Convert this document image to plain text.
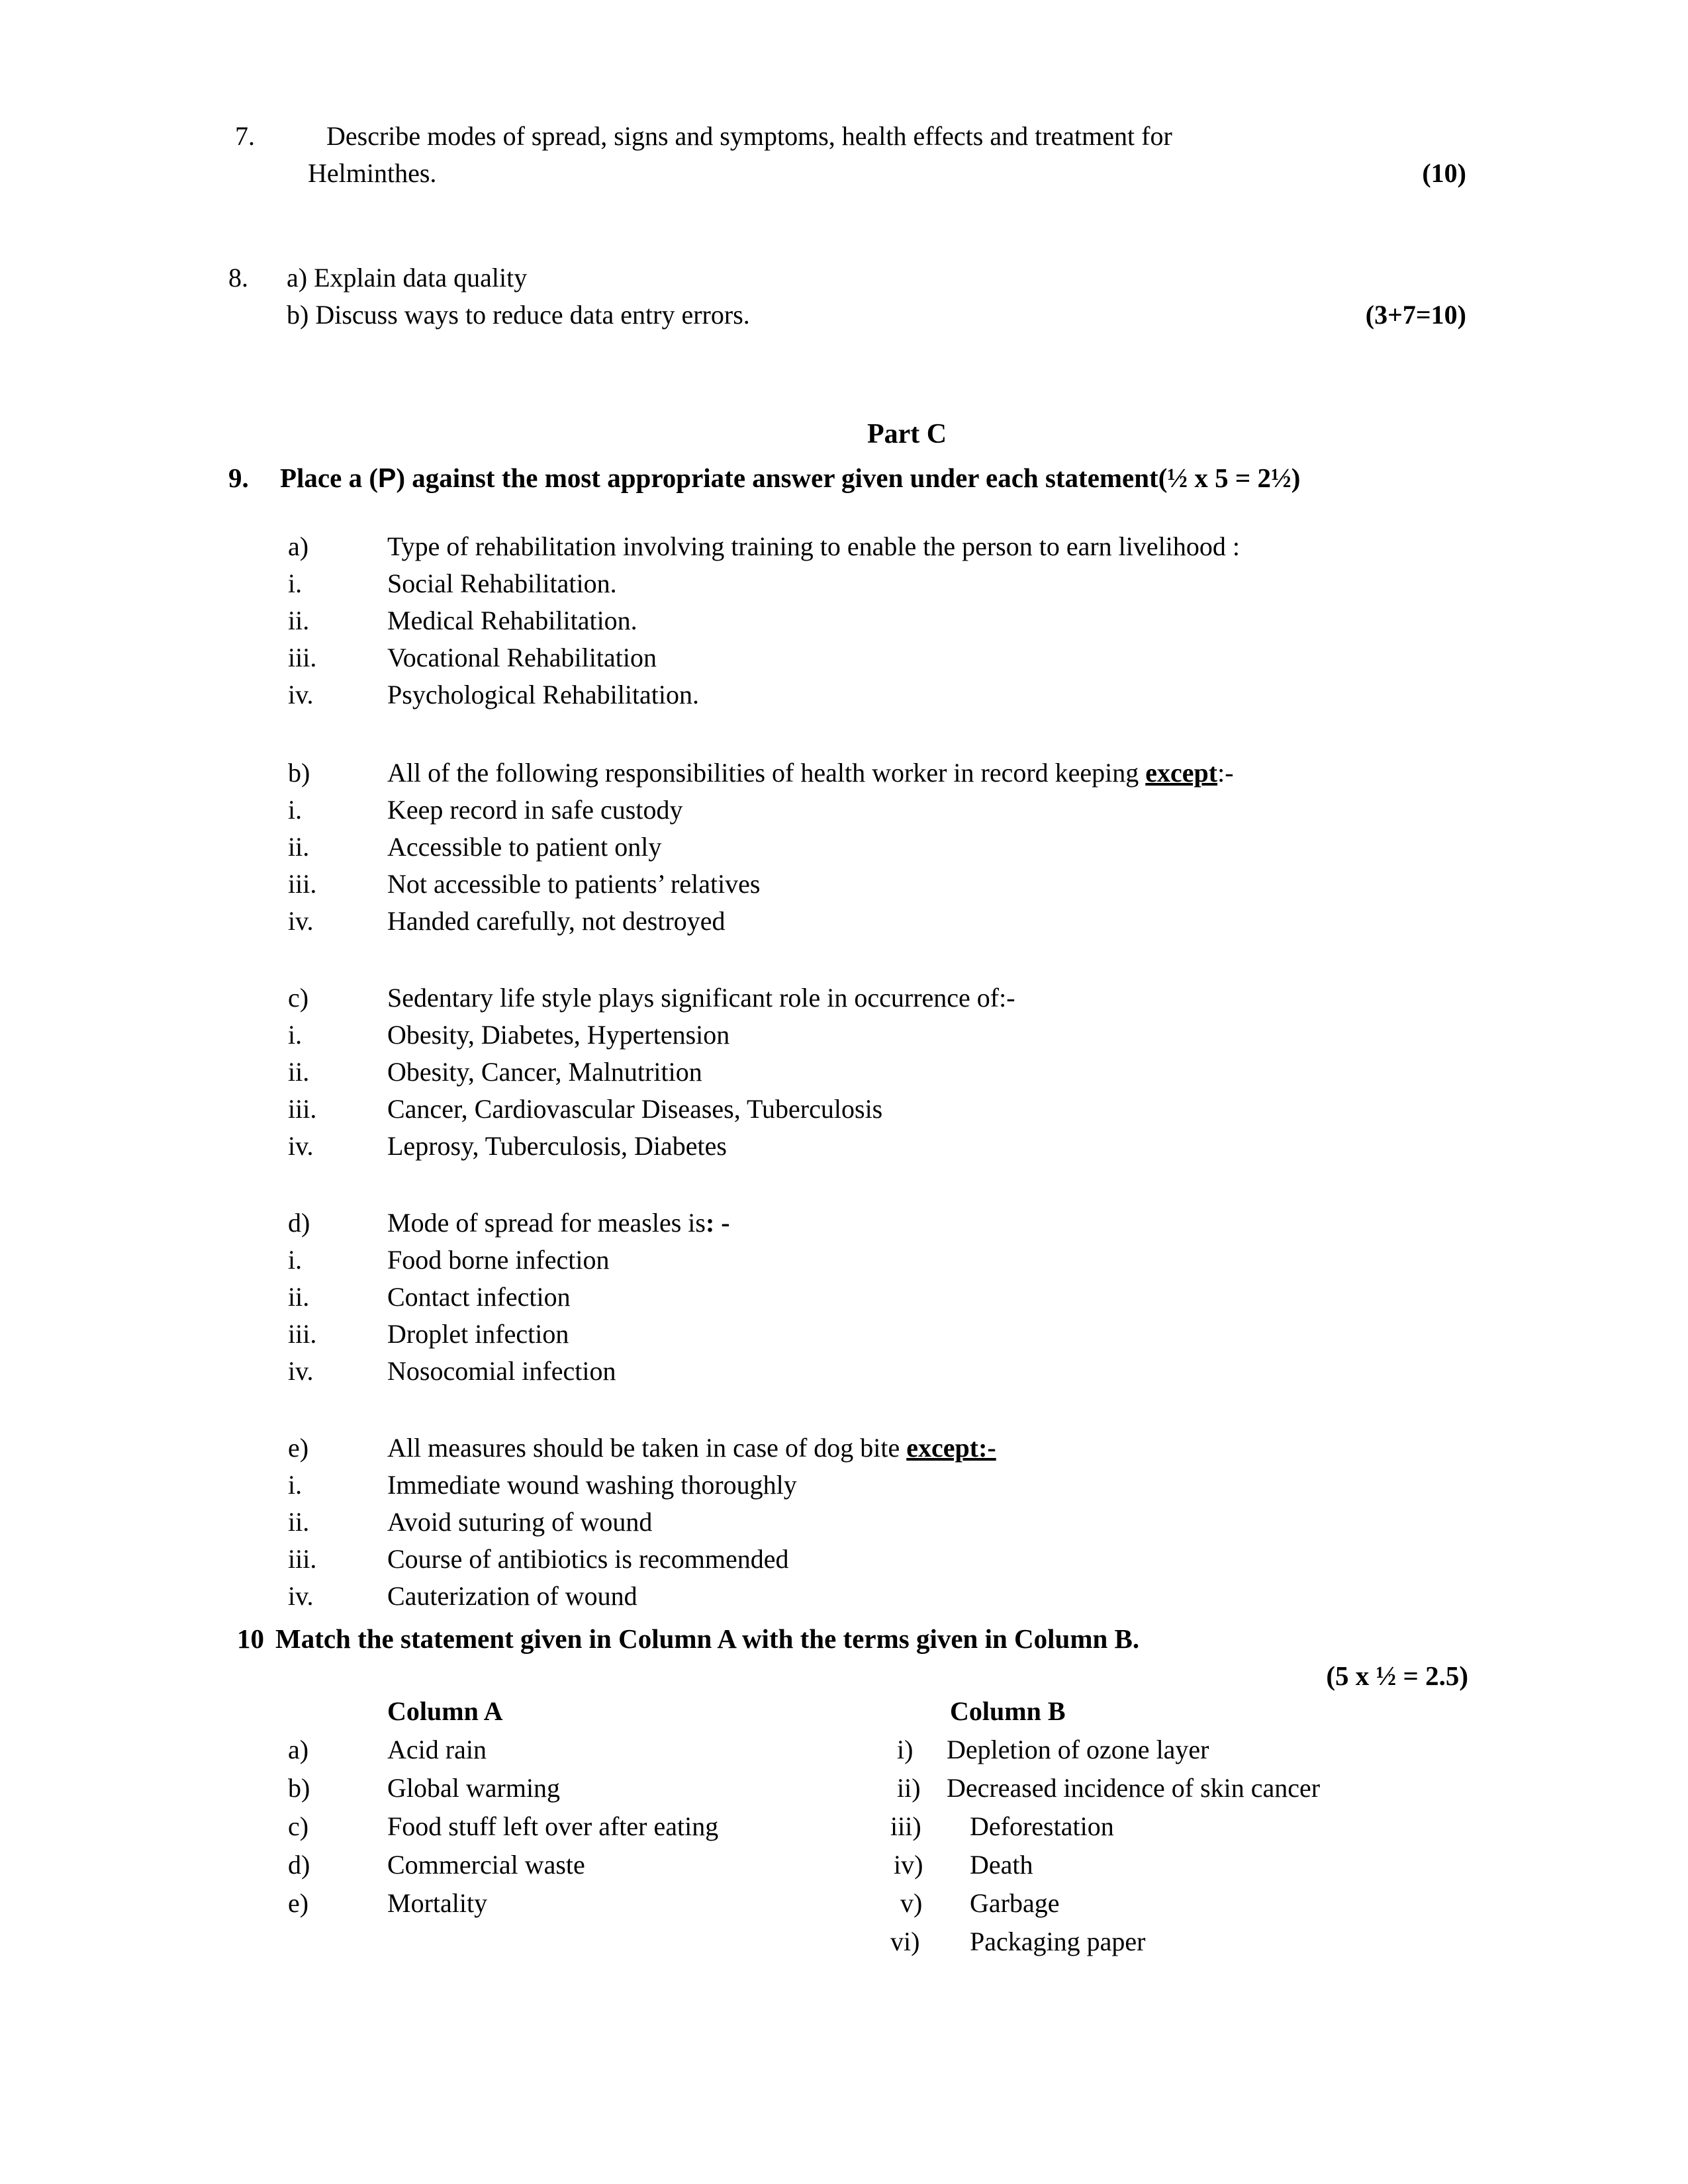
7.	Describe modes of spread, signs and symptoms, health effects and treatment for
Helminthes.	(10)
8.	a) Explain data quality
b) Discuss ways to reduce data entry errors.	(3+7=10)
Part C
9. Place a (P) against the most appropriate answer given under each statement(½ x 5 = 2½)
a)	Type of rehabilitation involving training to enable the person to earn livelihood :
i.	Social Rehabilitation.
ii.	Medical Rehabilitation.
iii.	Vocational Rehabilitation
iv.	Psychological Rehabilitation.
b)	All of the following responsibilities of health worker in record keeping except:-
i.	Keep record in safe custody
ii.	Accessible to patient only
iii.	Not accessible to patients’ relatives
iv.	Handed carefully, not destroyed
c)	Sedentary life style plays significant role in occurrence of:-
i.	Obesity, Diabetes, Hypertension
ii.	Obesity, Cancer, Malnutrition
iii.	Cancer, Cardiovascular Diseases, Tuberculosis
iv.	Leprosy, Tuberculosis, Diabetes
d)	Mode of spread for measles is: -
i.	Food borne infection
ii.	Contact infection
iii.	Droplet infection
iv.	Nosocomial infection
e)	All measures should be taken in case of dog bite except:-
i.	Immediate wound washing thoroughly
ii.	Avoid suturing of wound
iii.	Course of antibiotics is recommended
iv.	Cauterization of wound
10 Match the statement given in Column A with the terms given in Column B.
(5 x ½ = 2.5)
Column A	Column B
a)	Acid rain	i)	Depletion of ozone layer
b)	Global warming	ii) Decreased incidence of skin cancer
c)	Food stuff left over after eating	iii)	Deforestation
d)	Commercial waste	iv)	Death
e)	Mortality	v)	Garbage
vi)	Packaging paper
